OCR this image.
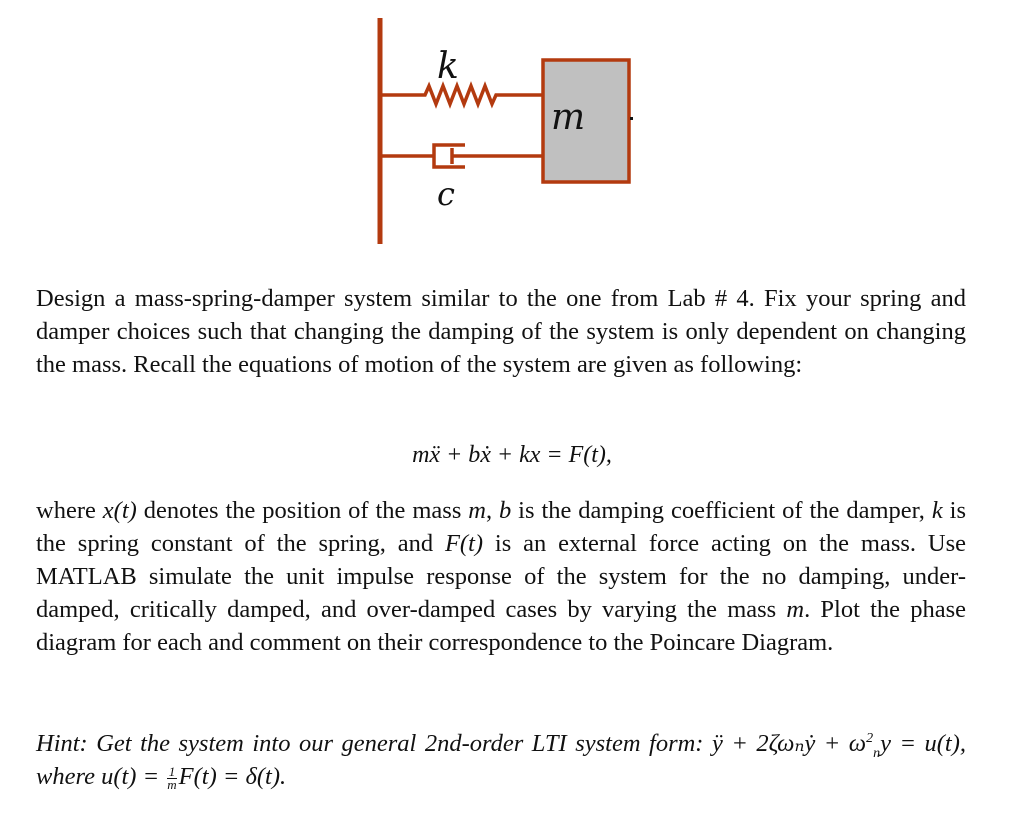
k
c
m
Design a mass-spring-damper system similar to the one from Lab # 4. Fix your spring and damper choices such that changing the damping of the system is only dependent on changing the mass. Recall the equations of motion of the system are given as following:
mẍ + bẋ + kx = F(t),
where x(t) denotes the position of the mass m, b is the damping coefficient of the damper, k is the spring constant of the spring, and F(t) is an external force acting on the mass. Use MATLAB simulate the unit impulse response of the system for the no damping, under-damped, critically damped, and over-damped cases by varying the mass m. Plot the phase diagram for each and comment on their correspondence to the Poincare Diagram.
Hint: Get the system into our general 2nd-order LTI system form: ÿ + 2ζωₙẏ + $\omega^2_ny = u(t)$, where $u(t) = \frac{1}{m} F(t) = \delta(t)$.
